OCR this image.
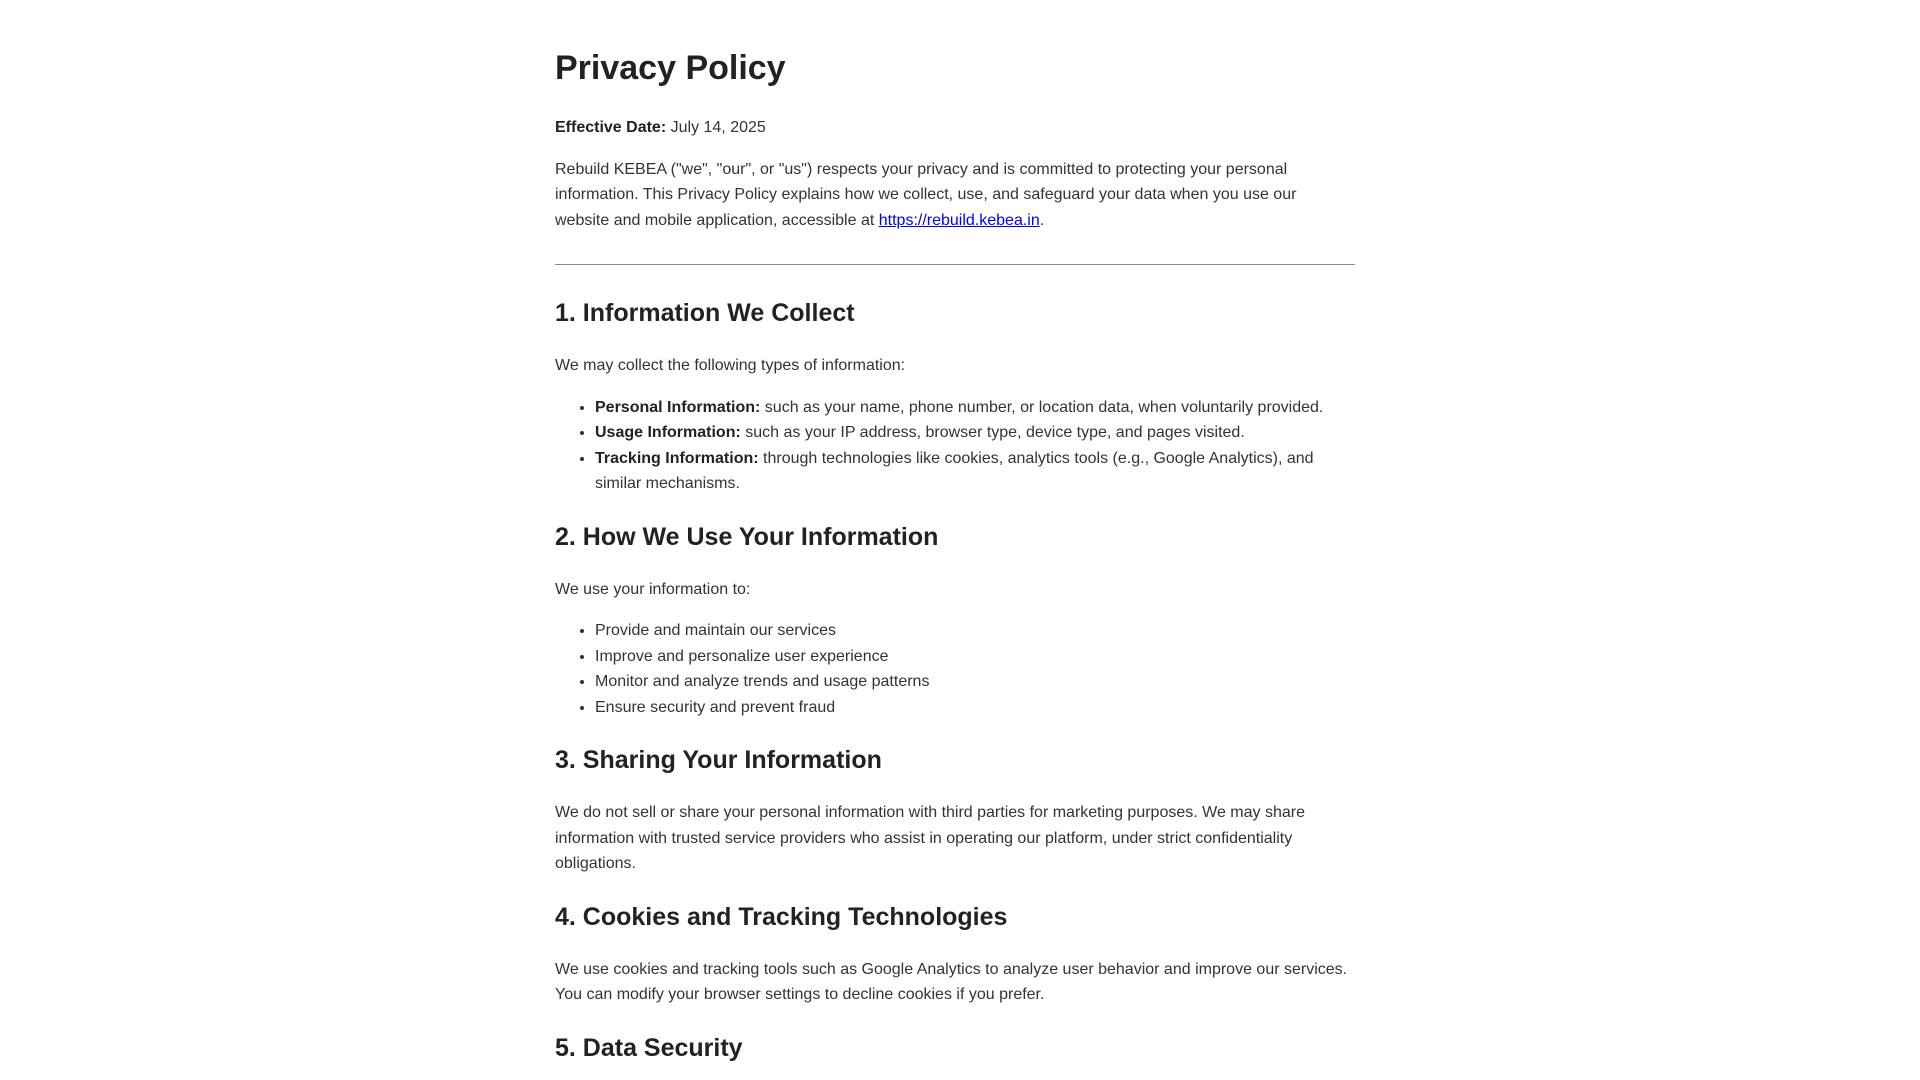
Privacy Policy

Effective Date: July 14, 2025

Rebuild KEBEA ("we", "our", or "us") respects your privacy and is committed to protecting your personal information. This Privacy Policy explains how we collect, use, and safeguard your data when you use our website and mobile application, accessible at https://rebuild.kebea.in.

1. Information We Collect

We may collect the following types of information:

• Personal Information: such as your name, phone number, or location data, when voluntarily provided.
• Usage Information: such as your IP address, browser type, device type, and pages visited.
• Tracking Information: through technologies like cookies, analytics tools (e.g., Google Analytics), and similar mechanisms.
2. How We Use Your Information

We use your information to:

• Provide and maintain our services
• Improve and personalize user experience
• Monitor and analyze trends and usage patterns
• Ensure security and prevent fraud
3. Sharing Your Information

We do not sell or share your personal information with third parties for marketing purposes. We may share information with trusted service providers who assist in operating our platform, under strict confidentiality obligations.

4. Cookies and Tracking Technologies

We use cookies and tracking tools such as Google Analytics to analyze user behavior and improve our services. You can modify your browser settings to decline cookies if you prefer.

5. Data Security
